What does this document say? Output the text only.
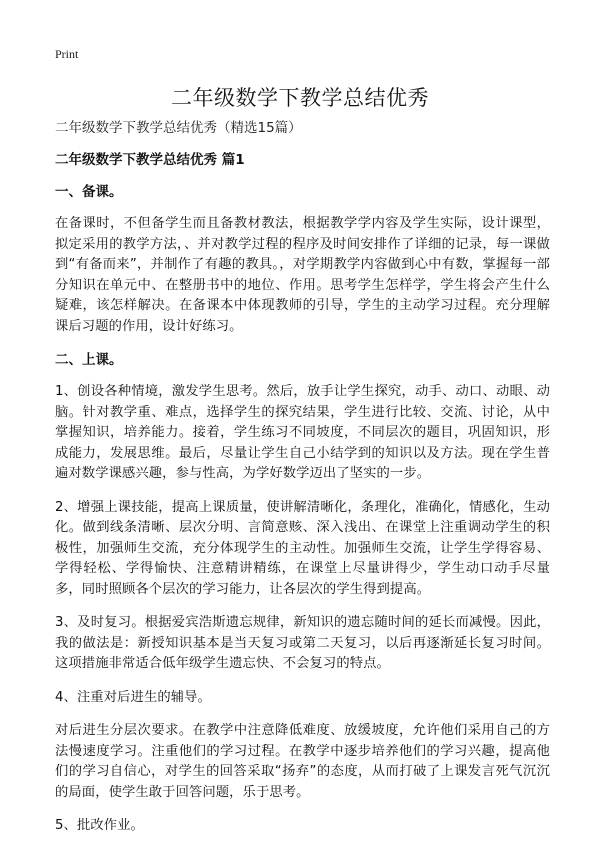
Print
二年级数学下教学总结优秀

二年级数学下教学总结优秀（精选15篇）

二年级数学下教学总结优秀 篇1

一、备课。

在备课时，不但备学生而且备教材教法，根据教学学内容及学生实际，设计课型，拟定采用的教学方法，、并对教学过程的程序及时间安排作了详细的记录，每一课做到“有备而来”，并制作了有趣的教具。，对学期教学内容做到心中有数，掌握每一部分知识在单元中、在整册书中的地位、作用。思考学生怎样学，学生将会产生什么疑难，该怎样解决。在备课本中体现教师的引导，学生的主动学习过程。充分理解课后习题的作用，设计好练习。

二、上课。

1、创设各种情境，激发学生思考。然后，放手让学生探究，动手、动口、动眼、动脑。针对教学重、难点，选择学生的探究结果，学生进行比较、交流、讨论，从中掌握知识，培养能力。接着，学生练习不同坡度，不同层次的题目，巩固知识，形成能力，发展思维。最后，尽量让学生自己小结学到的知识以及方法。现在学生普遍对数学课感兴趣，参与性高，为学好数学迈出了坚实的一步。

2、增强上课技能，提高上课质量，使讲解清晰化，条理化，准确化，情感化，生动化。做到线条清晰、层次分明、言简意赅、深入浅出、在课堂上注重调动学生的积极性，加强师生交流，充分体现学生的主动性。加强师生交流，让学生学得容易、学得轻松、学得愉快、注意精讲精练，在课堂上尽量讲得少，学生动口动手尽量多，同时照顾各个层次的学习能力，让各层次的学生得到提高。

3、及时复习。根据爱宾浩斯遗忘规律，新知识的遗忘随时间的延长而减慢。因此，我的做法是：新授知识基本是当天复习或第二天复习，以后再逐渐延长复习时间。这项措施非常适合低年级学生遗忘快、不会复习的特点。

4、注重对后进生的辅导。

对后进生分层次要求。在教学中注意降低难度、放缓坡度，允许他们采用自己的方法慢速度学习。注重他们的学习过程。在教学中逐步培养他们的学习兴趣，提高他们的学习自信心，对学生的回答采取“扬弃”的态度，从而打破了上课发言死气沉沉的局面，使学生敢于回答问题，乐于思考。

5、批改作业。
